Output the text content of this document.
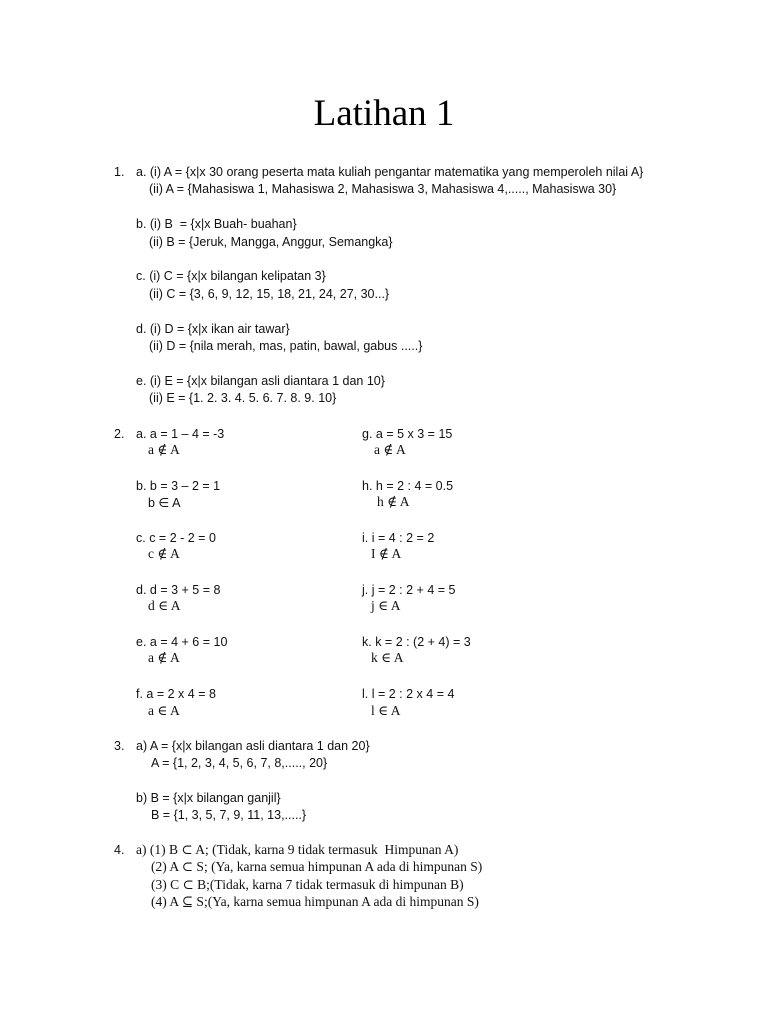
Latihan 1
1. a. (i) A = {x|x 30 orang peserta mata kuliah pengantar matematika yang memperoleh nilai A}
(ii) A = {Mahasiswa 1, Mahasiswa 2, Mahasiswa 3, Mahasiswa 4,....., Mahasiswa 30}
b. (i) B  = {x|x Buah- buahan}
(ii) B = {Jeruk, Mangga, Anggur, Semangka}
c. (i) C = {x|x bilangan kelipatan 3}
(ii) C = {3, 6, 9, 12, 15, 18, 21, 24, 27, 30...}
d. (i) D = {x|x ikan air tawar}
(ii) D = {nila merah, mas, patin, bawal, gabus .....}
e. (i) E = {x|x bilangan asli diantara 1 dan 10}
(ii) E = {1. 2. 3. 4. 5. 6. 7. 8. 9. 10}
2. a. a = 1 – 4 = -3
a ∉ A
b. b = 3 – 2 = 1
b ∈ A
c. c = 2 - 2 = 0
c ∉ A
d. d = 3 + 5 = 8
d ∈ A
e. a = 4 + 6 = 10
a ∉ A
f. a = 2 x 4 = 8
a ∈ A
g. a = 5 x 3 = 15
a ∉ A
h. h = 2 : 4 = 0.5
h ∉ A
i. i = 4 : 2 = 2
I ∉ A
j. j = 2 : 2 + 4 = 5
j ∈ A
k. k = 2 : (2 + 4) = 3
k ∈ A
l. l = 2 : 2 x 4 = 4
l ∈ A
3. a) A = {x|x bilangan asli diantara 1 dan 20}
A = {1, 2, 3, 4, 5, 6, 7, 8,....., 20}
b) B = {x|x bilangan ganjil}
B = {1, 3, 5, 7, 9, 11, 13,.....}
4. a) (1) B ⊂ A; (Tidak, karna 9 tidak termasuk  Himpunan A)
(2) A ⊂ S; (Ya, karna semua himpunan A ada di himpunan S)
(3) C ⊂ B;(Tidak, karna 7 tidak termasuk di himpunan B)
(4) A ⊆ S;(Ya, karna semua himpunan A ada di himpunan S)
